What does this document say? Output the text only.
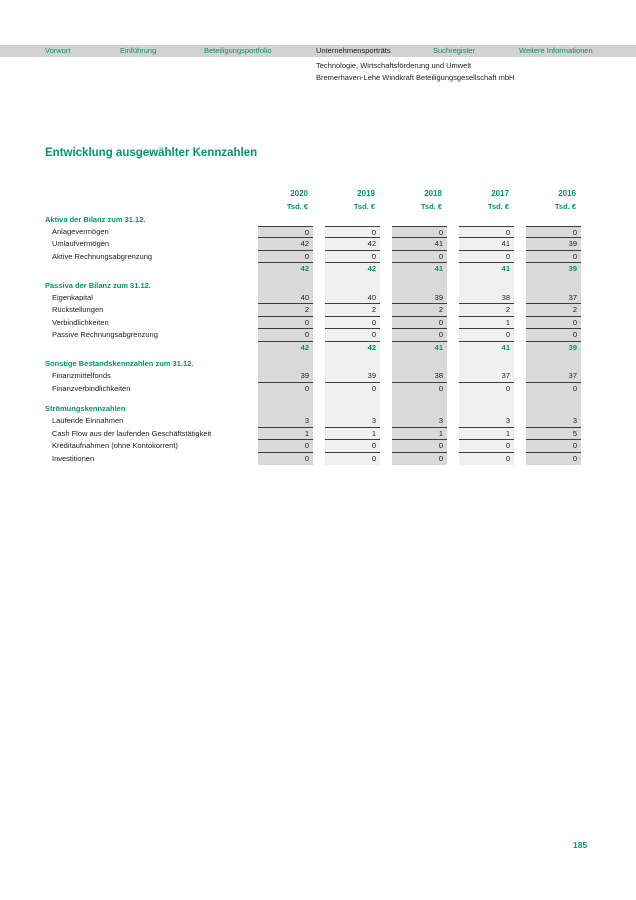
Vorwort	Einführung	Beteiligungsportfolio	Unternehmensporträts	Suchregister	Weitere Informationen
Technologie, Wirtschaftsförderung und Umwelt
Bremerhaven-Lehe Windkraft Beteiligungsgesellschaft mbH
Entwicklung ausgewählter Kennzahlen
2020	2019	2018	2017	2016
Tsd. €	Tsd. €	Tsd. €	Tsd. €	Tsd. €
Aktiva der Bilanz zum 31.12.
Anlagevermögen	0	0	0	0	0
Umlaufvermögen	42	42	41	41	39
Aktive Rechnungsabgrenzung	0	0	0	0	0
42	42	41	41	39
Passiva der Bilanz zum 31.12.
Eigenkapital	40	40	39	38	37
Rückstellungen	2	2	2	2	2
Verbindlichkeiten	0	0	0	1	0
Passive Rechnungsabgrenzung	0	0	0	0	0
42	42	41	41	39
Sonstige Bestandskennzahlen zum 31.12.
Finanzmittelfonds	39	39	38	37	37
Finanzverbindlichkeiten	0	0	0	0	0
Strömungskennzahlen
Laufende Einnahmen	3	3	3	3	3
Cash Flow aus der laufenden Geschäftstätigkeit	1	1	1	1	5
Kreditaufnahmen (ohne Kontokorrent)	0	0	0	0	0
Investitionen	0	0	0	0	0
185
